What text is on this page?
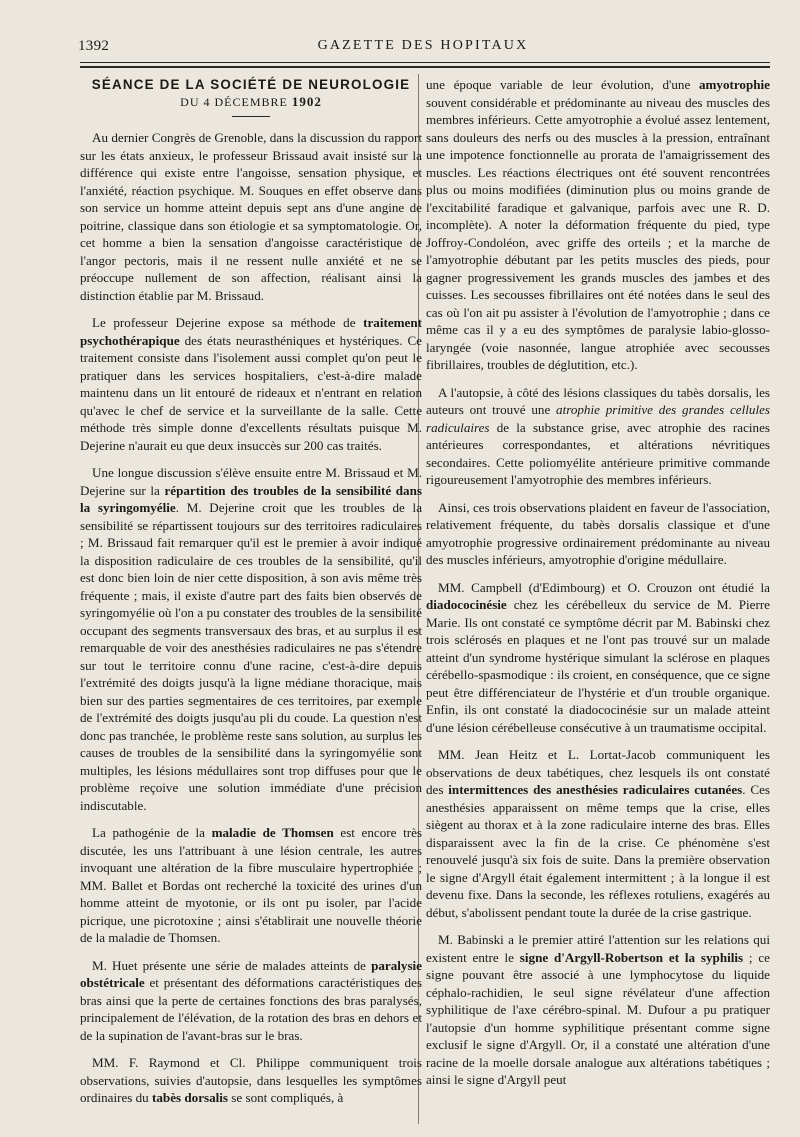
1392	GAZETTE DES HOPITAUX
SÉANCE DE LA SOCIÉTÉ DE NEUROLOGIE
DU 4 DÉCEMBRE 1902

Au dernier Congrès de Grenoble, dans la discussion du rapport sur les états anxieux, le professeur Brissaud avait insisté sur la différence qui existe entre l'angoisse, sensation physique, et l'anxiété, réaction psychique. M. Souques en effet observe dans son service un homme atteint depuis sept ans d'une angine de poitrine, classique dans son étiologie et sa symptomatologie. Or, cet homme a bien la sensation d'angoisse caractéristique de l'angor pectoris, mais il ne ressent nulle anxiété et ne se préoccupe nullement de son affection, réalisant ainsi la distinction établie par M. Brissaud.

Le professeur Dejerine expose sa méthode de traitement psychothérapique des états neurasthéniques et hystériques. Ce traitement consiste dans l'isolement aussi complet qu'on peut le pratiquer dans les services hospitaliers, c'est-à-dire malade maintenu dans un lit entouré de rideaux et n'entrant en relation qu'avec le chef de service et la surveillante de la salle. Cette méthode très simple donne d'excellents résultats puisque M. Dejerine n'aurait eu que deux insuccès sur 200 cas traités.

Une longue discussion s'élève ensuite entre M. Brissaud et M. Dejerine sur la répartition des troubles de la sensibilité dans la syringomyélie. M. Dejerine croit que les troubles de la sensibilité se répartissent toujours sur des territoires radiculaires ; M. Brissaud fait remarquer qu'il est le premier à avoir indiqué la disposition radiculaire de ces troubles de la sensibilité, qu'il est donc bien loin de nier cette disposition, à son avis même très fréquente ; mais, il existe d'autre part des faits bien observés de syringomyélie où l'on a pu constater des troubles de la sensibilité occupant des segments transversaux des bras, et au surplus il est remarquable de voir des anesthésies radiculaires ne pas s'étendre sur tout le territoire connu d'une racine, c'est-à-dire depuis l'extrémité des doigts jusqu'à la ligne médiane thoracique, mais bien sur des parties segmentaires de ces territoires, par exemple de l'extrémité des doigts jusqu'au pli du coude. La question n'est donc pas tranchée, le problème reste sans solution, au surplus les causes de troubles de la sensibilité dans la syringomyélie sont multiples, les lésions médullaires sont trop diffuses pour que le problème reçoive une solution immédiate d'une précision indiscutable.

La pathogénie de la maladie de Thomsen est encore très discutée, les uns l'attribuant à une lésion centrale, les autres invoquant une altération de la fibre musculaire hypertrophiée ; MM. Ballet et Bordas ont recherché la toxicité des urines d'un homme atteint de myotonie, or ils ont pu isoler, par l'acide picrique, une picrotoxine ; ainsi s'établirait une nouvelle théorie de la maladie de Thomsen.

M. Huet présente une série de malades atteints de paralysie obstétricale et présentant des déformations caractéristiques des bras ainsi que la perte de certaines fonctions des bras paralysés, principalement de l'élévation, de la rotation des bras en dehors et de la supination de l'avant-bras sur le bras.

MM. F. Raymond et Cl. Philippe communiquent trois observations, suivies d'autopsie, dans lesquelles les symptômes ordinaires du tabès dorsalis se sont compliqués, à

une époque variable de leur évolution, d'une amyotrophie souvent considérable et prédominante au niveau des muscles des membres inférieurs. Cette amyotrophie a évolué assez lentement, sans douleurs des nerfs ou des muscles à la pression, entraînant une impotence fonctionnelle au prorata de l'amaigrissement des muscles. Les réactions électriques ont été souvent rencontrées plus ou moins modifiées (diminution plus ou moins grande de l'excitabilité faradique et galvanique, parfois avec une R. D. incomplète). A noter la déformation fréquente du pied, type Joffroy-Condoléon, avec griffe des orteils ; et la marche de l'amyotrophie débutant par les petits muscles des pieds, pour gagner progressivement les grands muscles des jambes et des cuisses. Les secousses fibrillaires ont été notées dans le seul des cas où l'on ait pu assister à l'évolution de l'amyotrophie ; dans ce même cas il y a eu des symptômes de paralysie labio-glosso-laryngée (voie nasonnée, langue atrophiée avec secousses fibrillaires, troubles de déglutition, etc.).

A l'autopsie, à côté des lésions classiques du tabès dorsalis, les auteurs ont trouvé une atrophie primitive des grandes cellules radiculaires de la substance grise, avec atrophie des racines antérieures correspondantes, et altérations névritiques secondaires. Cette poliomyélite antérieure primitive commande rigoureusement l'amyotrophie des membres inférieurs.

Ainsi, ces trois observations plaident en faveur de l'association, relativement fréquente, du tabès dorsalis classique et d'une amyotrophie progressive ordinairement prédominante au niveau des muscles inférieurs, amyotrophie d'origine médullaire.

MM. Campbell (d'Edimbourg) et O. Crouzon ont étudié la diadococinésie chez les cérébelleux du service de M. Pierre Marie. Ils ont constaté ce symptôme décrit par M. Babinski chez trois sclérosés en plaques et ne l'ont pas trouvé sur un malade atteint d'un syndrome hystérique simulant la sclérose en plaques cérébello-spasmodique : ils croient, en conséquence, que ce signe peut être différenciateur de l'hystérie et d'un trouble organique. Enfin, ils ont constaté la diadococinésie sur un malade atteint d'une lésion cérébelleuse consécutive à un traumatisme occipital.

MM. Jean Heitz et L. Lortat-Jacob communiquent les observations de deux tabétiques, chez lesquels ils ont constaté des intermittences des anesthésies radiculaires cutanées. Ces anesthésies apparaissent on même temps que la crise, elles siègent au thorax et à la zone radiculaire interne des bras. Elles disparaissent avec la fin de la crise. Ce phénomène s'est renouvelé jusqu'à six fois de suite. Dans la première observation le signe d'Argyll était également intermittent ; à la longue il est devenu fixe. Dans la seconde, les réflexes rotuliens, exagérés au début, s'abolissent pendant toute la durée de la crise gastrique.

M. Babinski a le premier attiré l'attention sur les relations qui existent entre le signe d'Argyll-Robertson et la syphilis ; ce signe pouvant être associé à une lymphocytose du liquide céphalo-rachidien, le seul signe révélateur d'une affection syphilitique de l'axe cérébro-spinal. M. Dufour a pu pratiquer l'autopsie d'un homme syphilitique présentant comme signe exclusif le signe d'Argyll. Or, il a constaté une altération d'une racine de la moelle dorsale analogue aux altérations tabétiques ; ainsi le signe d'Argyll peut
